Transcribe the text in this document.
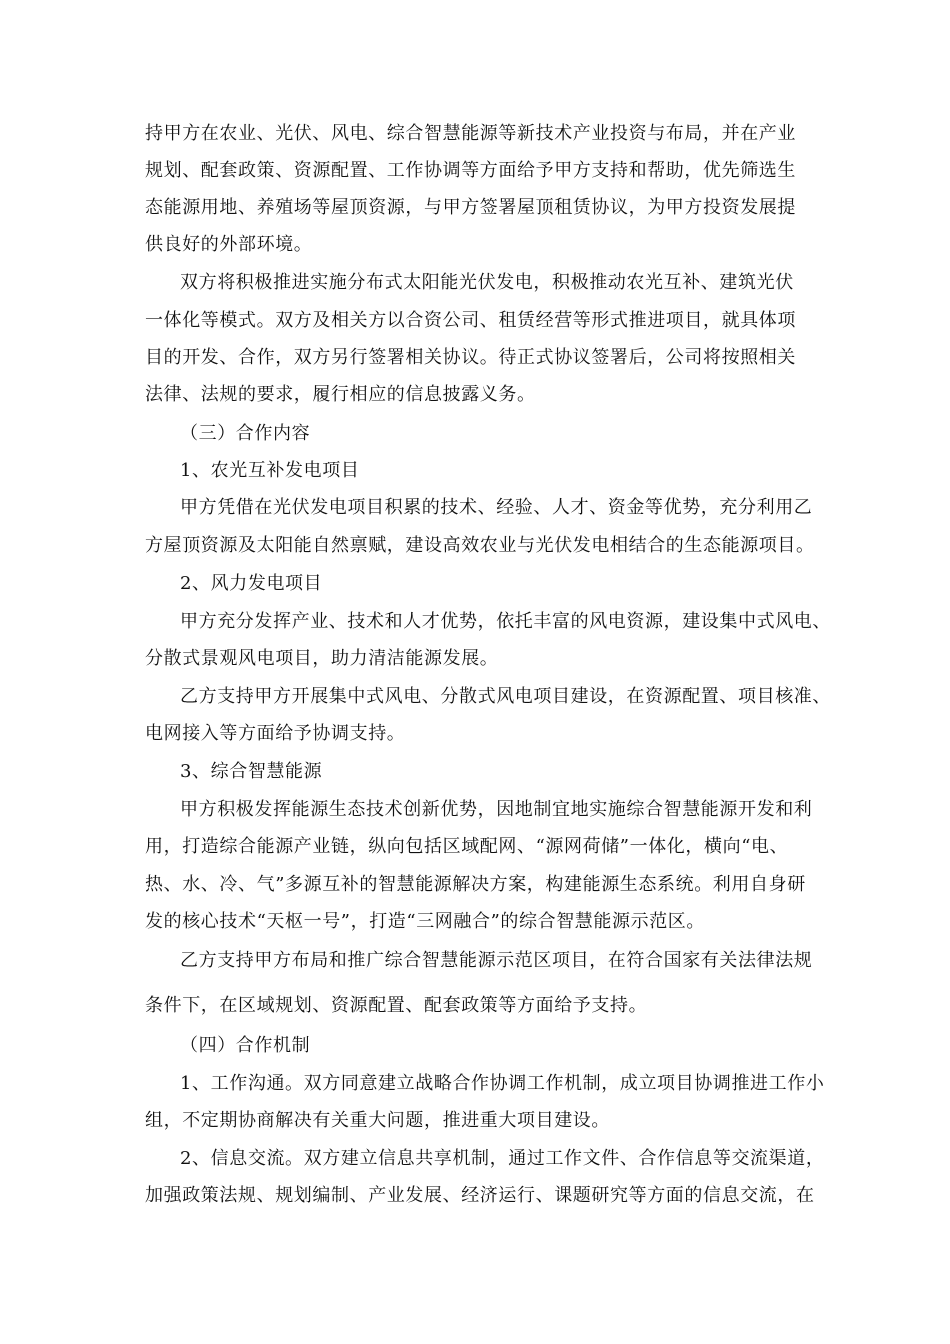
持甲方在农业、光伏、风电、综合智慧能源等新技术产业投资与布局，并在产业
规划、配套政策、资源配置、工作协调等方面给予甲方支持和帮助，优先筛选生
态能源用地、养殖场等屋顶资源，与甲方签署屋顶租赁协议，为甲方投资发展提
供良好的外部环境。
双方将积极推进实施分布式太阳能光伏发电，积极推动农光互补、建筑光伏
一体化等模式。双方及相关方以合资公司、租赁经营等形式推进项目，就具体项
目的开发、合作，双方另行签署相关协议。待正式协议签署后，公司将按照相关
法律、法规的要求，履行相应的信息披露义务。
（三）合作内容
1、农光互补发电项目
甲方凭借在光伏发电项目积累的技术、经验、人才、资金等优势，充分利用乙
方屋顶资源及太阳能自然禀赋，建设高效农业与光伏发电相结合的生态能源项目。
2、风力发电项目
甲方充分发挥产业、技术和人才优势，依托丰富的风电资源，建设集中式风电、
分散式景观风电项目，助力清洁能源发展。
乙方支持甲方开展集中式风电、分散式风电项目建设，在资源配置、项目核准、
电网接入等方面给予协调支持。
3、综合智慧能源
甲方积极发挥能源生态技术创新优势，因地制宜地实施综合智慧能源开发和利
用，打造综合能源产业链，纵向包括区域配网、“源网荷储”一体化，横向“电、
热、水、冷、气”多源互补的智慧能源解决方案，构建能源生态系统。利用自身研
发的核心技术“天枢一号”，打造“三网融合”的综合智慧能源示范区。
乙方支持甲方布局和推广综合智慧能源示范区项目，在符合国家有关法律法规
条件下，在区域规划、资源配置、配套政策等方面给予支持。
（四）合作机制
1、工作沟通。双方同意建立战略合作协调工作机制，成立项目协调推进工作小
组，不定期协商解决有关重大问题，推进重大项目建设。
2、信息交流。双方建立信息共享机制，通过工作文件、合作信息等交流渠道，
加强政策法规、规划编制、产业发展、经济运行、课题研究等方面的信息交流，在
